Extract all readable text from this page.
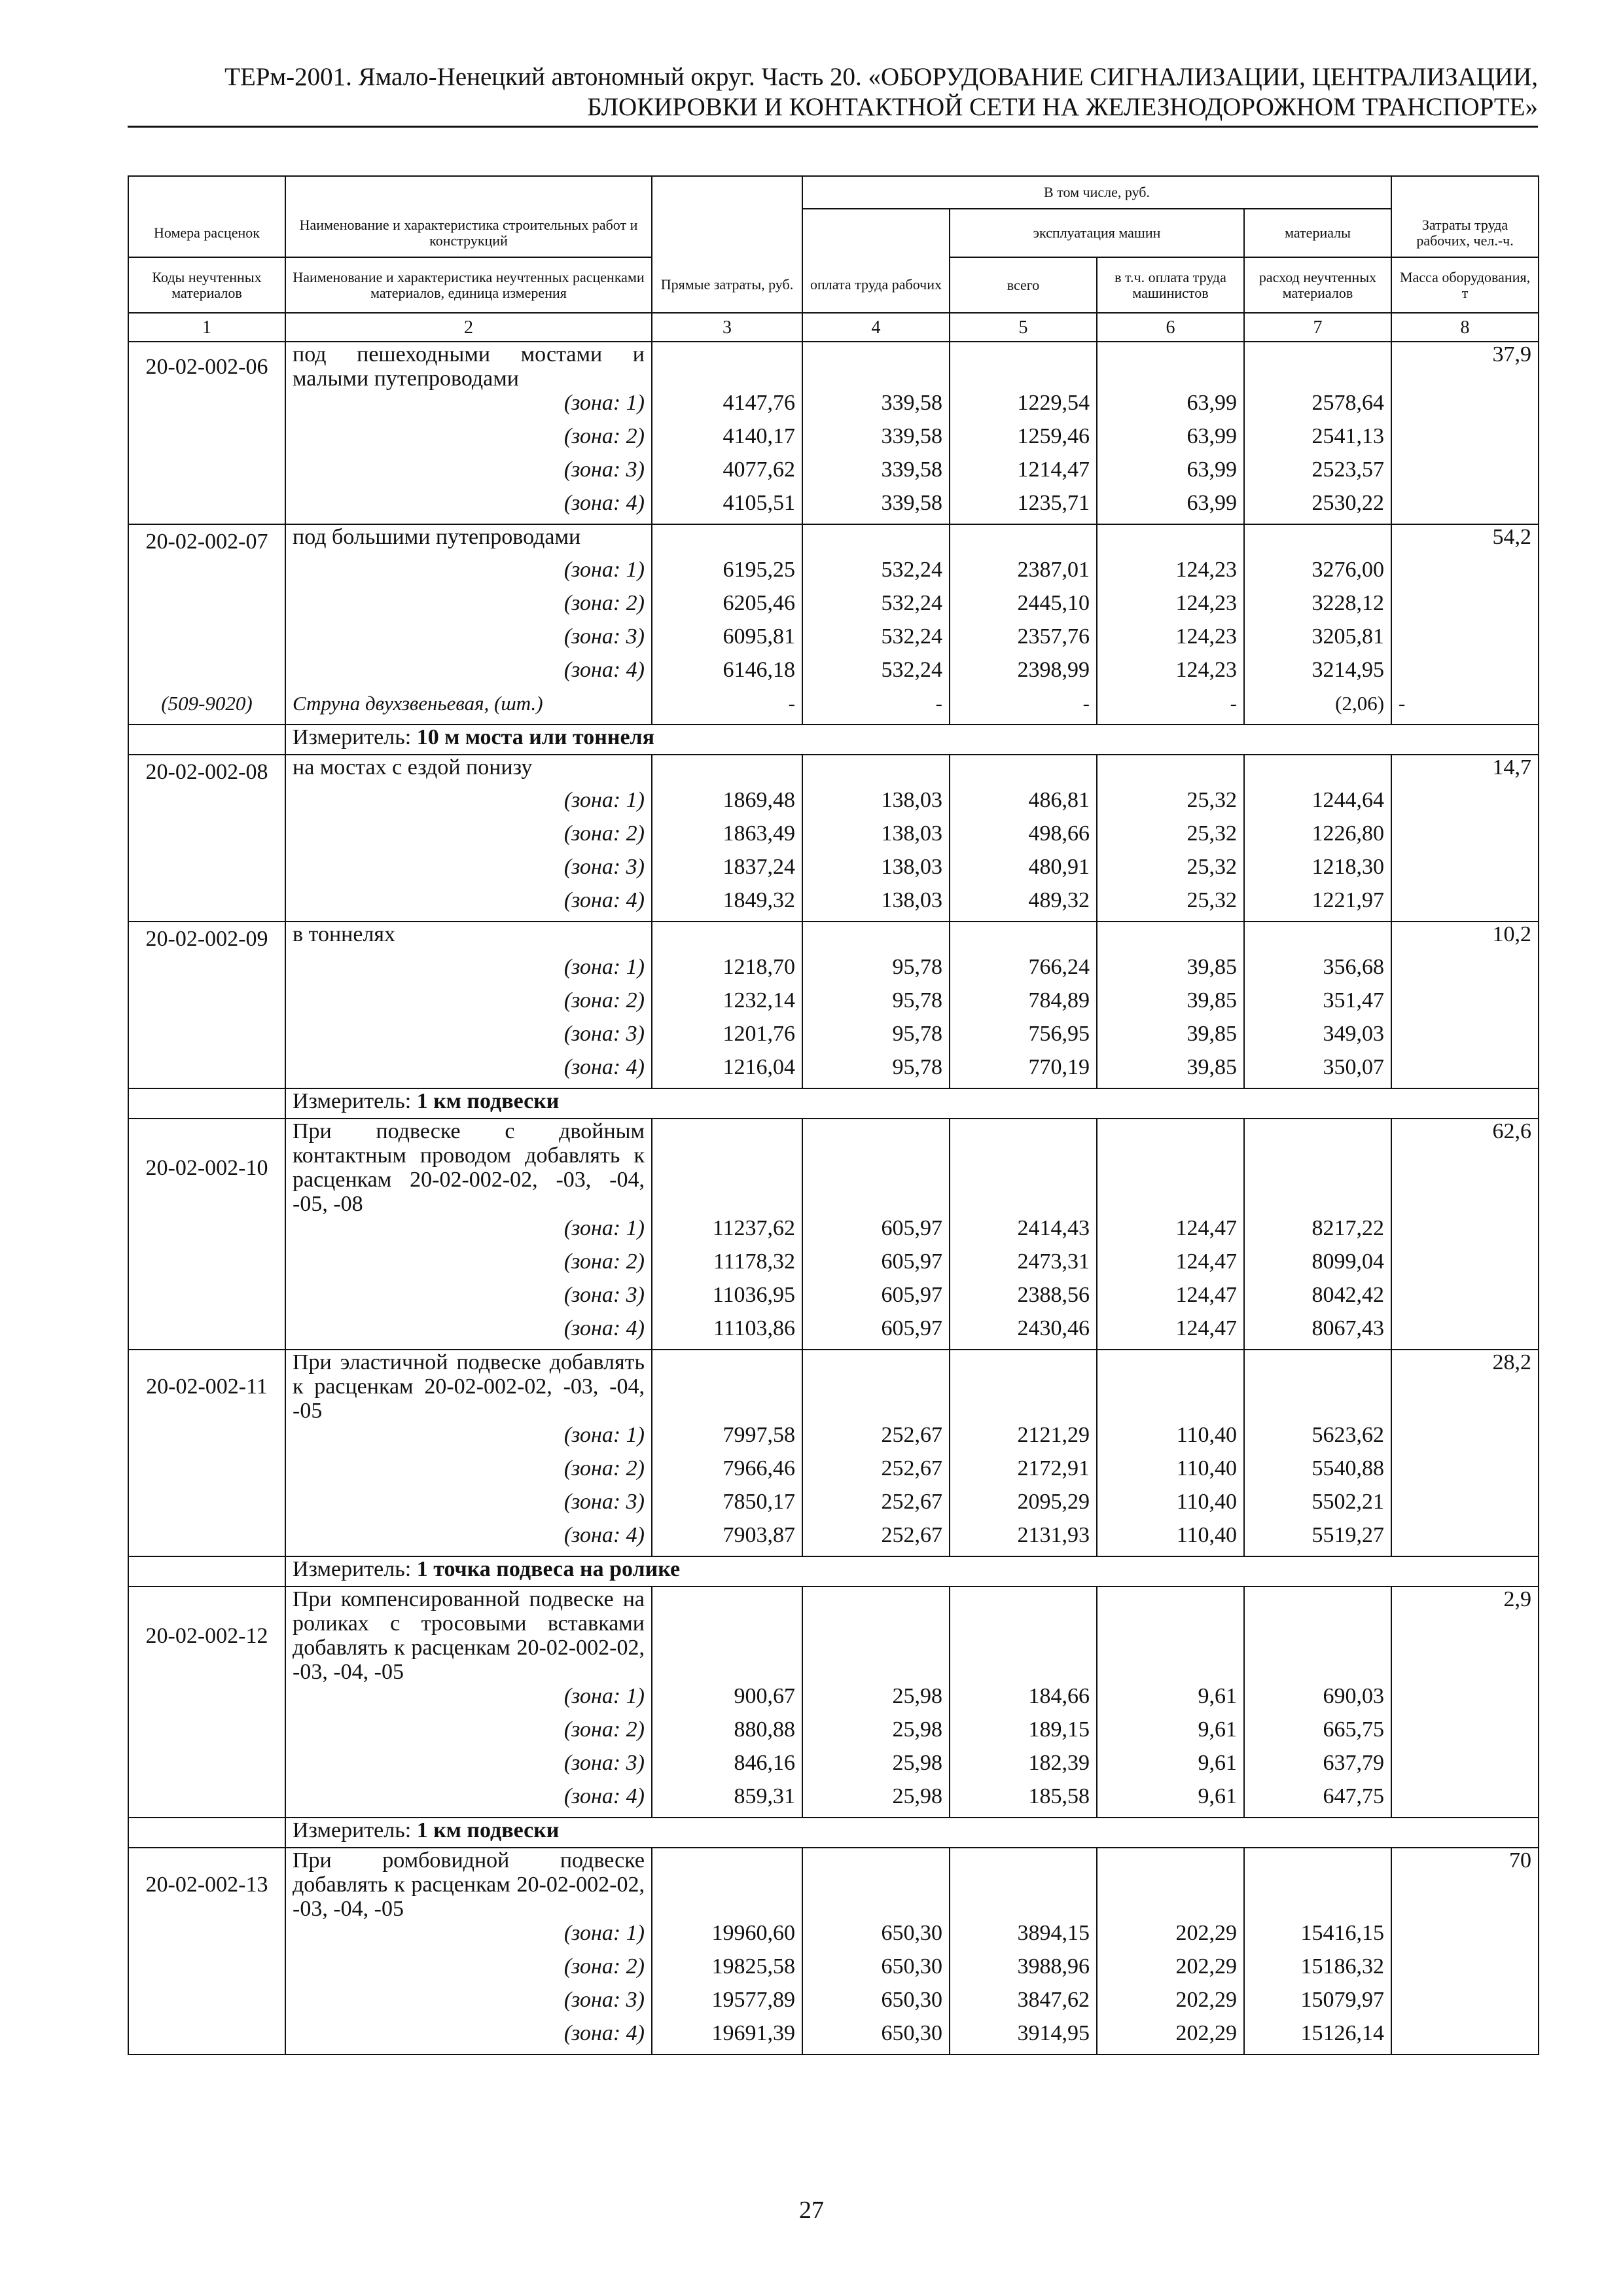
ТЕРм-2001. Ямало-Ненецкий автономный округ. Часть 20. «ОБОРУДОВАНИЕ СИГНАЛИЗАЦИИ, ЦЕНТРАЛИЗАЦИИ,
БЛОКИРОВКИ И КОНТАКТНОЙ СЕТИ НА ЖЕЛЕЗНОДОРОЖНОМ ТРАНСПОРТЕ»
			В том числе, руб.				
Номера расценок	Наименование и характеристика строительных работ и конструкций			эксплуатация машин		материалы	Затраты труда рабочих, чел.-ч.
Коды неучтенных материалов	Наименование и характеристика неучтенных расценками материалов, единица измерения	Прямые затраты, руб.	оплата труда рабочих	всего	в т.ч. оплата труда машинистов	расход неучтенных материалов	Масса оборудования, т
1	2	3	4	5	6	7	8
20-02-002-06	под пешеходными мостами и малыми путепроводами						37,9
	(зона: 1)	4147,76	339,58	1229,54	63,99	2578,64	
	(зона: 2)	4140,17	339,58	1259,46	63,99	2541,13	
	(зона: 3)	4077,62	339,58	1214,47	63,99	2523,57	
	(зона: 4)	4105,51	339,58	1235,71	63,99	2530,22	
20-02-002-07	под большими путепроводами						54,2
	(зона: 1)	6195,25	532,24	2387,01	124,23	3276,00	
	(зона: 2)	6205,46	532,24	2445,10	124,23	3228,12	
	(зона: 3)	6095,81	532,24	2357,76	124,23	3205,81	
	(зона: 4)	6146,18	532,24	2398,99	124,23	3214,95	
(509-9020)	Струна двухзвеньевая, (шт.)	-	-	-	-	(2,06)	-
	Измеритель: 10 м моста или тоннеля						
20-02-002-08	на мостах с ездой понизу						14,7
	(зона: 1)	1869,48	138,03	486,81	25,32	1244,64	
	(зона: 2)	1863,49	138,03	498,66	25,32	1226,80	
	(зона: 3)	1837,24	138,03	480,91	25,32	1218,30	
	(зона: 4)	1849,32	138,03	489,32	25,32	1221,97	
20-02-002-09	в тоннелях						10,2
	(зона: 1)	1218,70	95,78	766,24	39,85	356,68	
	(зона: 2)	1232,14	95,78	784,89	39,85	351,47	
	(зона: 3)	1201,76	95,78	756,95	39,85	349,03	
	(зона: 4)	1216,04	95,78	770,19	39,85	350,07	
	Измеритель: 1 км подвески						
20-02-002-10	При подвеске с двойным контактным проводом добавлять к расценкам 20-02-002-02, -03, -04, -05, -08						62,6
	(зона: 1)	11237,62	605,97	2414,43	124,47	8217,22	
	(зона: 2)	11178,32	605,97	2473,31	124,47	8099,04	
	(зона: 3)	11036,95	605,97	2388,56	124,47	8042,42	
	(зона: 4)	11103,86	605,97	2430,46	124,47	8067,43	
20-02-002-11	При эластичной подвеске добавлять к расценкам 20-02-002-02, -03, -04, -05						28,2
	(зона: 1)	7997,58	252,67	2121,29	110,40	5623,62	
	(зона: 2)	7966,46	252,67	2172,91	110,40	5540,88	
	(зона: 3)	7850,17	252,67	2095,29	110,40	5502,21	
	(зона: 4)	7903,87	252,67	2131,93	110,40	5519,27	
	Измеритель: 1 точка подвеса на ролике						
20-02-002-12	При компенсированной подвеске на роликах с тросовыми вставками добавлять к расценкам 20-02-002-02, -03, -04, -05						2,9
	(зона: 1)	900,67	25,98	184,66	9,61	690,03	
	(зона: 2)	880,88	25,98	189,15	9,61	665,75	
	(зона: 3)	846,16	25,98	182,39	9,61	637,79	
	(зона: 4)	859,31	25,98	185,58	9,61	647,75	
	Измеритель: 1 км подвески						
20-02-002-13	При ромбовидной подвеске добавлять к расценкам 20-02-002-02, -03, -04, -05						70
	(зона: 1)	19960,60	650,30	3894,15	202,29	15416,15	
	(зона: 2)	19825,58	650,30	3988,96	202,29	15186,32	
	(зона: 3)	19577,89	650,30	3847,62	202,29	15079,97	
	(зона: 4)	19691,39	650,30	3914,95	202,29	15126,14	
27
